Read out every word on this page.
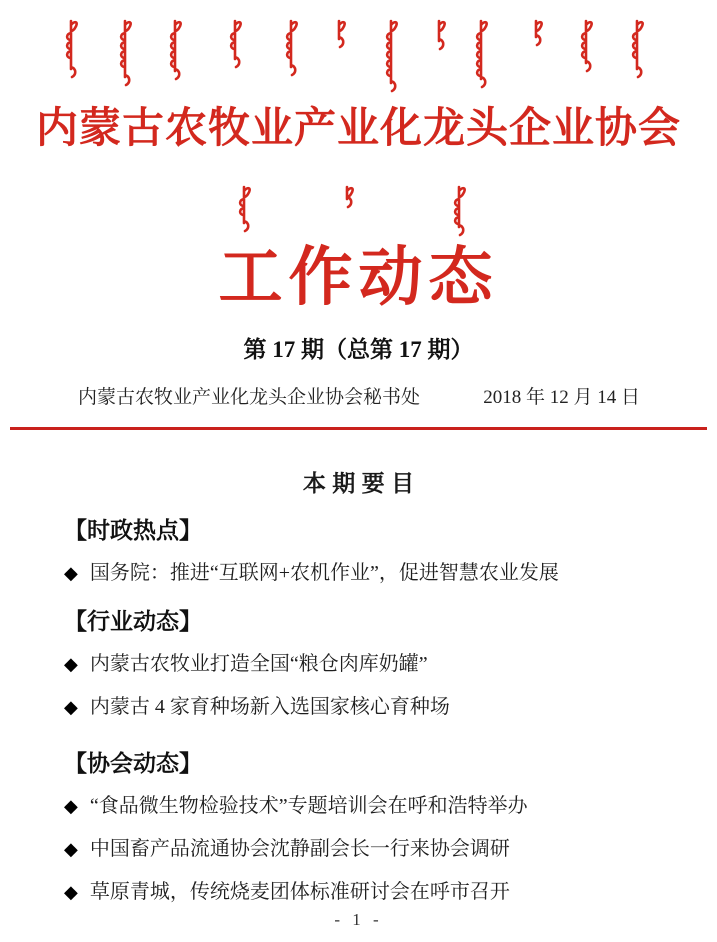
内蒙古农牧业产业化龙头企业协会
工作动态
第 17 期（总第 17 期）
内蒙古农牧业产业化龙头企业协会秘书处	2018 年 12 月 14 日
本 期 要 目
【时政热点】
◆ 国务院：推进“互联网+农机作业”，促进智慧农业发展
【行业动态】
◆ 内蒙古农牧业打造全国“粮仓肉库奶罐”
◆ 内蒙古 4 家育种场新入选国家核心育种场
【协会动态】
◆ “食品微生物检验技术”专题培训会在呼和浩特举办
◆ 中国畜产品流通协会沈静副会长一行来协会调研
◆ 草原青城，传统烧麦团体标准研讨会在呼市召开
- 1 -
